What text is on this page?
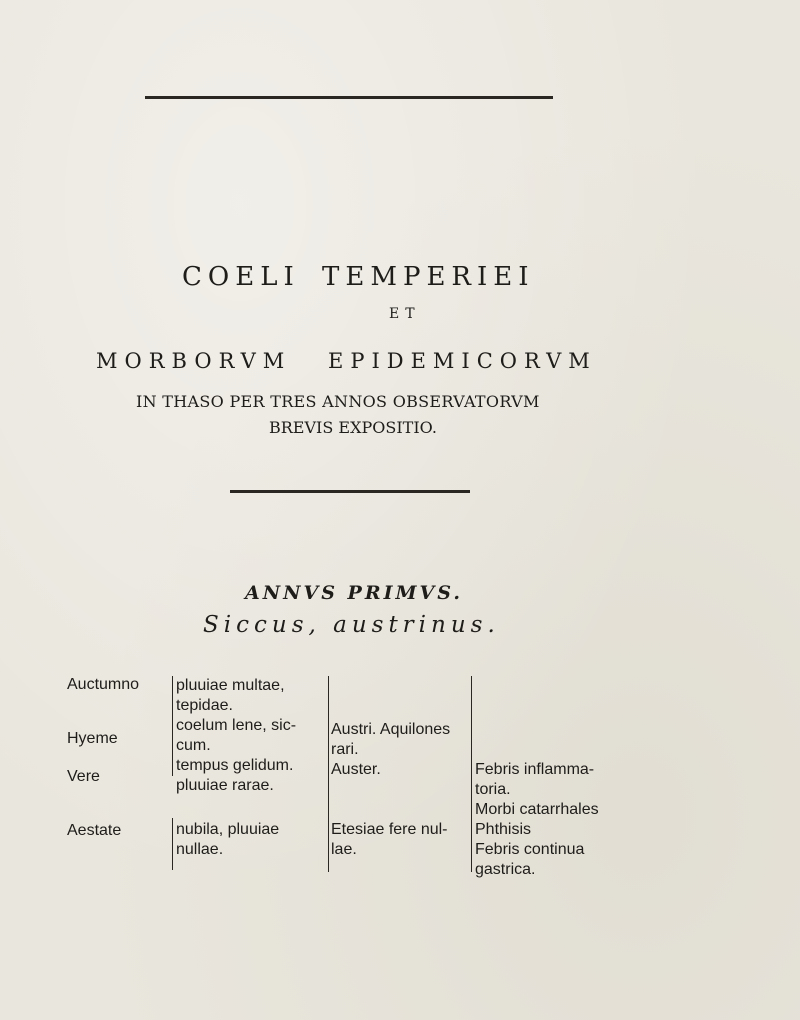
COELI TEMPERIEI
ET
MORBORVM EPIDEMICORVM
IN THASO PER TRES ANNOS OBSERVATORVM
BREVIS EXPOSITIO.
ANNVS PRIMVS.
Siccus, austrinus.
Auctumno
Hyeme
Vere
Aestate
pluuiae multae,
tepidae.
coelum lene, sic-
cum.
tempus gelidum.
pluuiae rarae.
nubila, pluuiae
nullae.
Austri. Aquilones
rari.
Auster.
Etesiae fere nul-
lae.
Febris inflamma-
toria.
Morbi catarrhales
Phthisis
Febris continua
gastrica.
